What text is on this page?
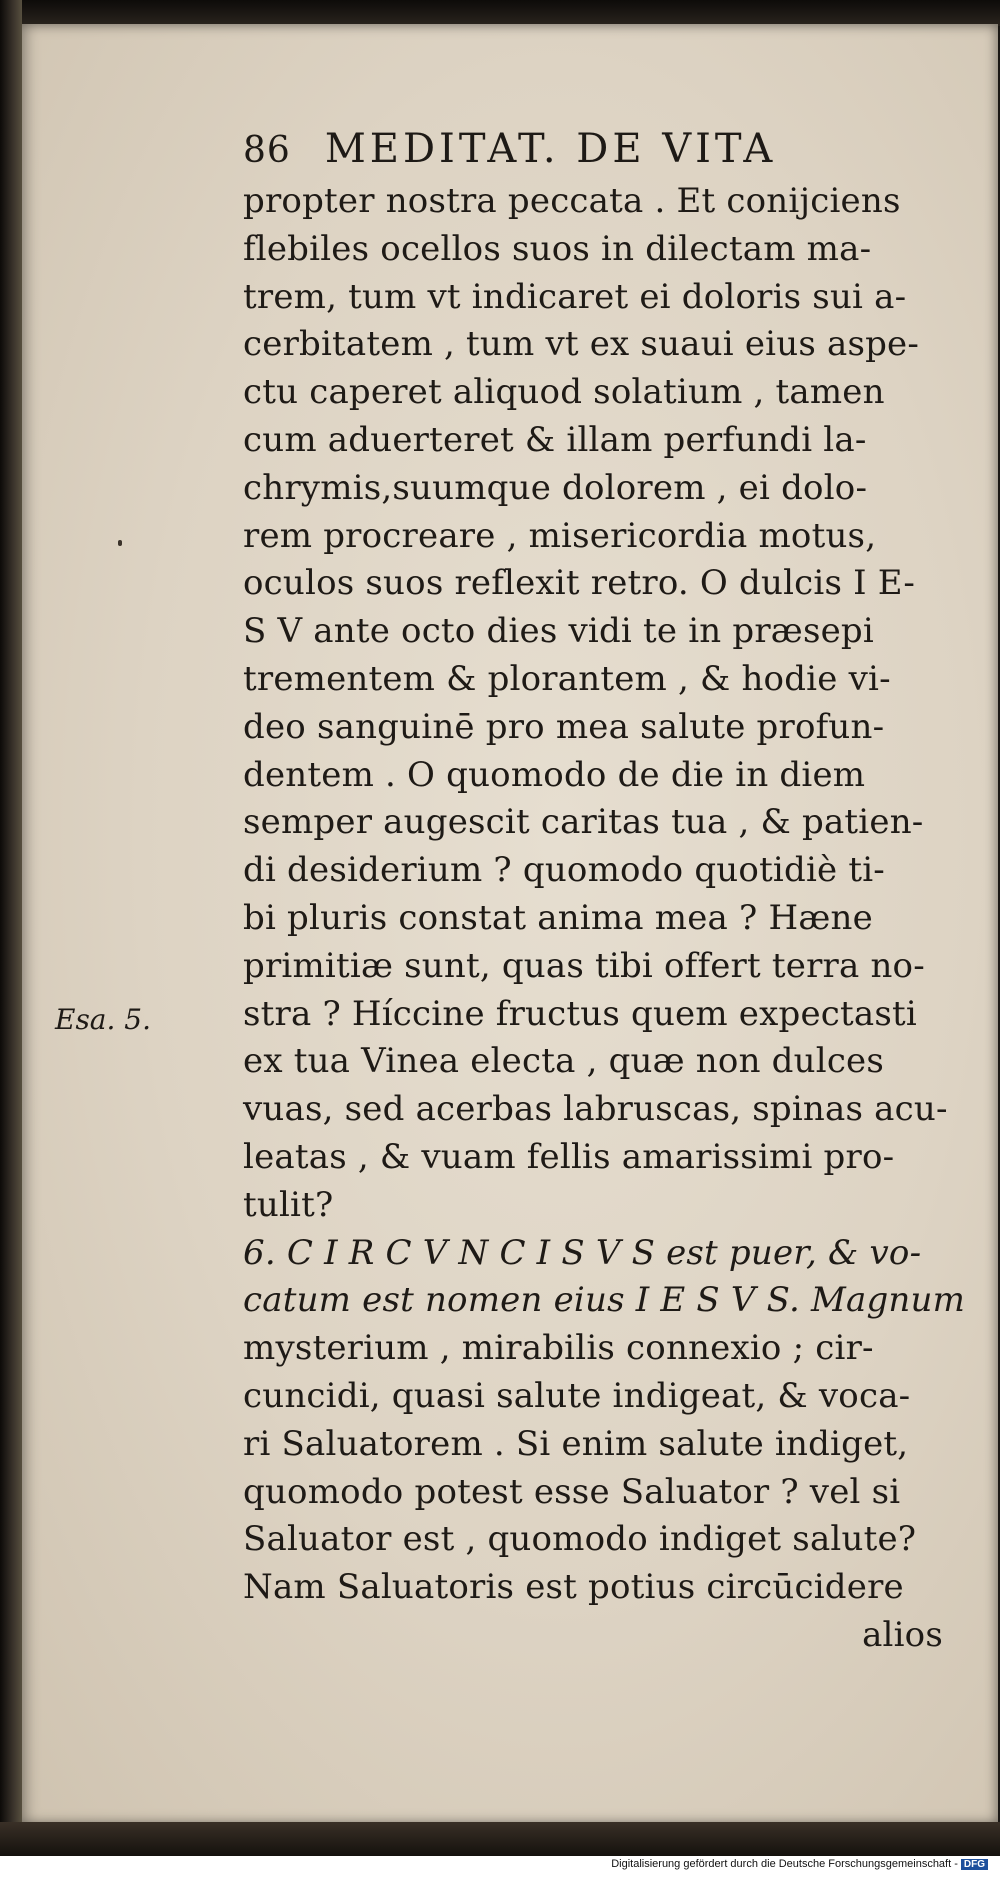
Esa. 5.
86 MEDITAT. DE VITA
propter nostra peccata . Et conijciens
flebiles ocellos suos in dilectam ma-
trem, tum vt indicaret ei doloris sui a-
cerbitatem , tum vt ex suaui eius aspe-
ctu caperet aliquod solatium , tamen
cum aduerteret & illam perfundi la-
chrymis,suumque dolorem , ei dolo-
rem procreare , misericordia motus,
oculos suos reflexit retro. O dulcis I E-
S V ante octo dies vidi te in præsepi
trementem & plorantem , & hodie vi-
deo sanguinē pro mea salute profun-
dentem . O quomodo de die in diem
semper augescit caritas tua , & patien-
di desiderium ? quomodo quotidiè ti-
bi pluris constat anima mea ? Hæne
primitiæ sunt, quas tibi offert terra no-
stra ? Híccine fructus quem expectasti
ex tua Vinea electa , quæ non dulces
vuas, sed acerbas labruscas, spinas acu-
leatas , & vuam fellis amarissimi pro-
tulit?
6. C I R C V N C I S V S est puer, & vo-
catum est nomen eius I E S V S. Magnum
mysterium , mirabilis connexio ; cir-
cuncidi, quasi salute indigeat, & voca-
ri Saluatorem . Si enim salute indiget,
quomodo potest esse Saluator ? vel si
Saluator est , quomodo indiget salute?
Nam Saluatoris est potius circūcidere
alios
Digitalisierung gefördert durch die Deutsche Forschungsgemeinschaft - DFG
